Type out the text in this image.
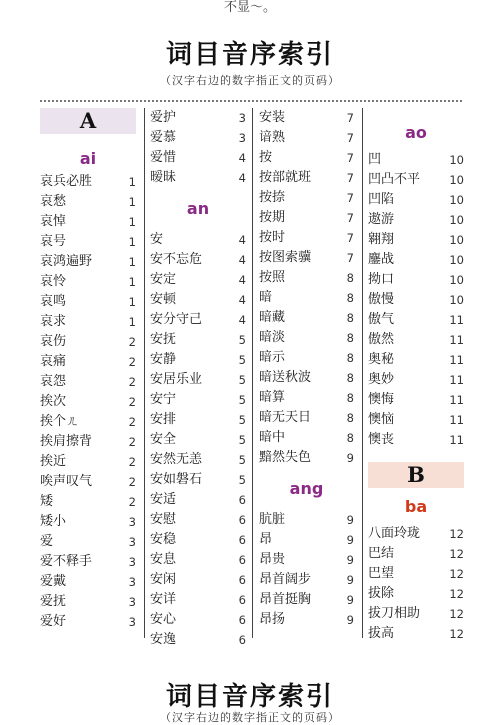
不显～。
词目音序索引
（汉字右边的数字指正文的页码）
A
ai
哀兵必胜	1
哀愁	1
哀悼	1
哀号	1
哀鸿遍野	1
哀怜	1
哀鸣	1
哀求	1
哀伤	2
哀痛	2
哀怨	2
挨次	2
挨个ㄦ	2
挨肩擦背	2
挨近	2
唉声叹气	2
矮	2
矮小	3
爱	3
爱不释手	3
爱戴	3
爱抚	3
爱好	3
爱护	3
爱慕	3
爱惜	4
暧昧	4
an
安	4
安不忘危	4
安定	4
安顿	4
安分守己	4
安抚	5
安静	5
安居乐业	5
安宁	5
安排	5
安全	5
安然无恙	5
安如磐石	5
安适	6
安慰	6
安稳	6
安息	6
安闲	6
安详	6
安心	6
安逸	6
安装	7
谙熟	7
按	7
按部就班	7
按捺	7
按期	7
按时	7
按图索骥	7
按照	8
暗	8
暗藏	8
暗淡	8
暗示	8
暗送秋波	8
暗算	8
暗无天日	8
暗中	8
黯然失色	9
ang
肮脏	9
昂	9
昂贵	9
昂首阔步	9
昂首挺胸	9
昂扬	9
ao
凹	10
凹凸不平	10
凹陷	10
遨游	10
翱翔	10
鏖战	10
拗口	10
傲慢	10
傲气	11
傲然	11
奥秘	11
奥妙	11
懊悔	11
懊恼	11
懊丧	11
B
ba
八面玲珑	12
巴结	12
巴望	12
拔除	12
拔刀相助	12
拔高	12
词目音序索引
（汉字右边的数字指正文的页码）
